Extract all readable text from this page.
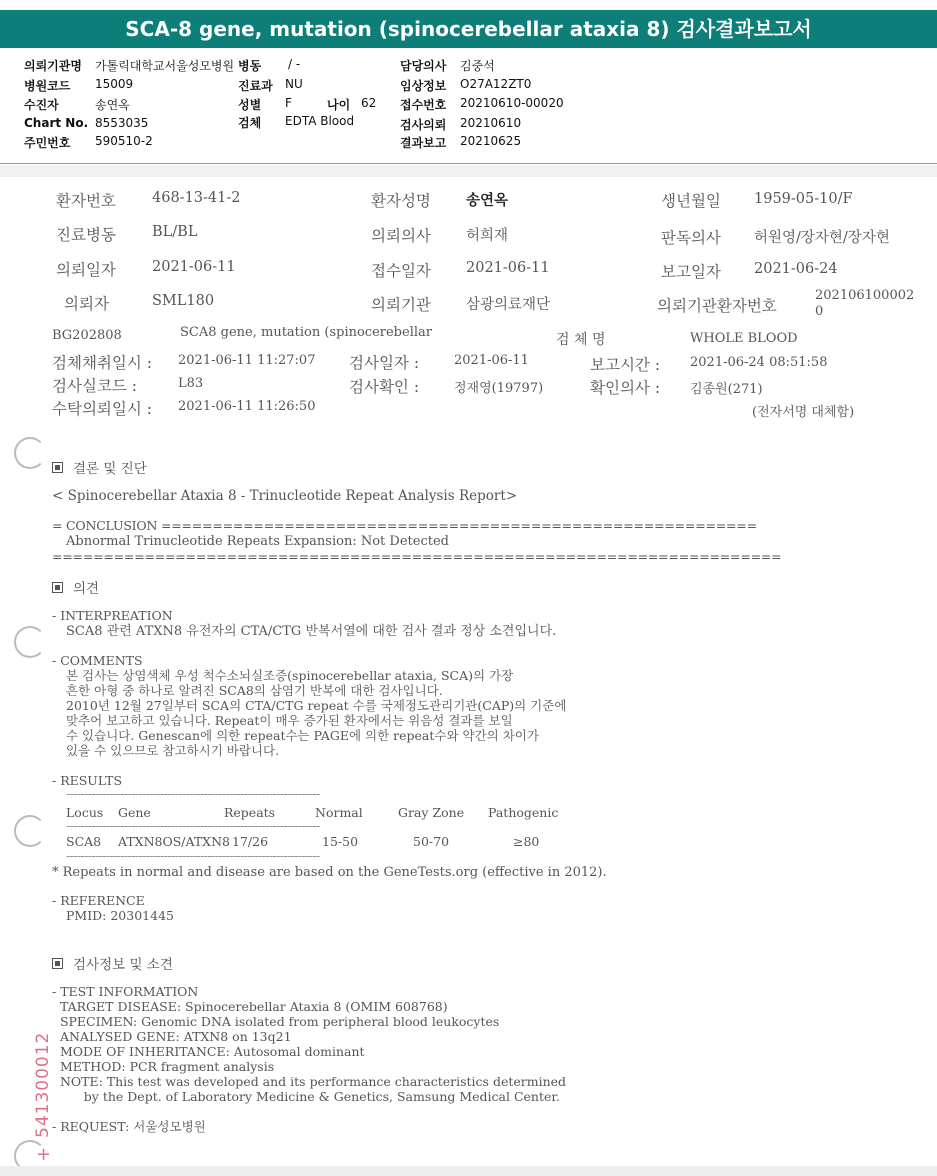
SCA-8 gene, mutation (spinocerebellar ataxia 8) 검사결과보고서
의뢰기관명 가톨릭대학교서울성모병원 병동 / -	담당의사 김중석
병원코드 15009	진료과 NU	임상정보 O27A12ZT0
수진자	송연옥	성별 F	나이 62 접수번호 20210610-00020
Chart No. 8553035	검체 EDTA Blood	검사의뢰 20210610
주민번호 590510-2	결과보고 20210625
환자번호 468-13-41-2	환자성명 송연옥	생년월일 1959-05-10/F
진료병동 BL/BL	의뢰의사 허희재	판독의사 허원영/장자현/장자현
의뢰일자 2021-06-11	접수일자 2021-06-11	보고일자 2021-06-24
의뢰자	SML180	의뢰기관 삼광의료재단	의뢰기관환자번호
202106100002
0
BG202808	SCA8 gene, mutation (spinocerebellar	검 체 명	WHOLE BLOOD
검체채취일시 : 2021-06-11 11:27:07 검사일자 :	2021-06-11	보고시간 : 2021-06-24 08:51:58
검사실코드 :	L83	검사확인 :	정재영(19797)	확인의사 : 김종원(271)
수탁의뢰일시 : 2021-06-11 11:26:50	(전자서명 대체함)
결론 및 진단
< Spinocerebellar Ataxia 8 - Trinucleotide Repeat Analysis Report>
= CONCLUSION ==========================================================
Abnormal Trinucleotide Repeats Expansion: Not Detected
=======================================================================
의견
- INTERPREATION
SCA8 관련 ATXN8 유전자의 CTA/CTG 반복서열에 대한 검사 결과 정상 소견입니다.
- COMMENTS
본 검사는 상염색체 우성 척수소뇌실조증(spinocerebellar ataxia, SCA)의 가장
흔한 아형 중 하나로 알려진 SCA8의 삼염기 반복에 대한 검사입니다.
2010년 12월 27일부터 SCA의 CTA/CTG repeat 수를 국제정도관리기관(CAP)의 기준에
맞추어 보고하고 있습니다. Repeat이 매우 증가된 환자에서는 위음성 결과를 보일
수 있습니다. Genescan에 의한 repeat수는 PAGE에 의한 repeat수와 약간의 차이가
있을 수 있으므로 참고하시기 바랍니다.
- RESULTS
----------------------------------------------------------------------
Locus Gene	Repeats	Normal	Gray Zone Pathogenic
----------------------------------------------------------------------
SCA8 ATXN8OS/ATXN8 17/26	15-50	50-70	≥80
----------------------------------------------------------------------
* Repeats in normal and disease are based on the GeneTests.org (effective in 2012).
- REFERENCE
PMID: 20301445
검사정보 및 소견
- TEST INFORMATION
TARGET DISEASE: Spinocerebellar Ataxia 8 (OMIM 608768)
SPECIMEN: Genomic DNA isolated from peripheral blood leukocytes
ANALYSED GENE: ATXN8 on 13q21
MODE OF INHERITANCE: Autosomal dominant
METHOD: PCR fragment analysis
NOTE: This test was developed and its performance characteristics determined
by the Dept. of Laboratory Medicine & Genetics, Samsung Medical Center.
- REQUEST: 서울성모병원
541300012
+
